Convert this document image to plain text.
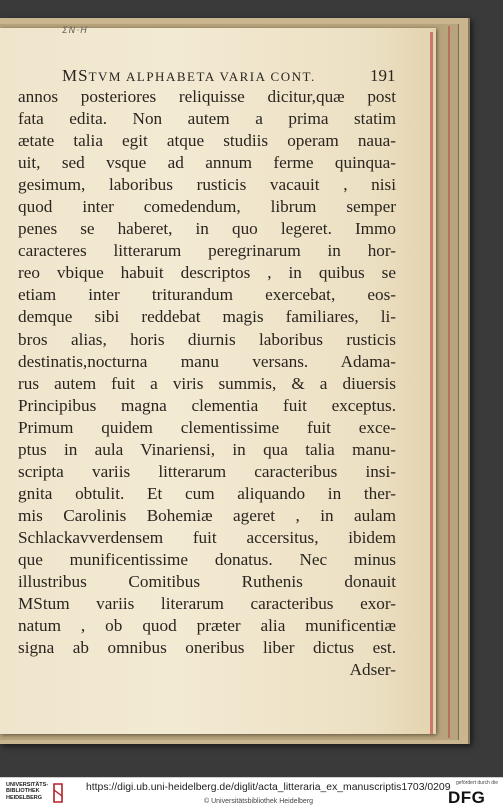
ΣΝ·Η
MSTVM ALPHABETA VARIA CONT.	191
annos posteriores reliquisse dicitur,quæ post
fata edita. Non autem a prima statim
ætate talia egit atque studiis operam naua-
uit, sed vsque ad annum ferme quinqua-
gesimum, laboribus rusticis vacauit , nisi
quod inter comedendum, librum semper
penes se haberet, in quo legeret. Immo
caracteres litterarum peregrinarum in hor-
reo vbique habuit descriptos , in quibus se
etiam inter triturandum exercebat, eos-
demque sibi reddebat magis familiares, li-
bros alias, horis diurnis laboribus rusticis
destinatis,nocturna manu versans. Adama-
rus autem fuit a viris summis, & a diuersis
Principibus magna clementia fuit exceptus.
Primum quidem clementissime fuit exce-
ptus in aula Vinariensi, in qua talia manu-
scripta variis litterarum caracteribus insi-
gnita obtulit. Et cum aliquando in ther-
mis Carolinis Bohemiæ ageret , in aulam
Schlackavverdensem fuit accersitus, ibidem
que munificentissime donatus. Nec minus
illustribus Comitibus Ruthenis donauit
MStum variis literarum caracteribus exor-
natum , ob quod præter alia munificentiæ
signa ab omnibus oneribus liber dictus est.
Adser-
UNIVERSITÄTS-
BIBLIOTHEK
HEIDELBERG
https://digi.ub.uni-heidelberg.de/diglit/acta_litteraria_ex_manuscriptis1703/0209
© Universitätsbibliothek Heidelberg
gefördert durch die
DFG
